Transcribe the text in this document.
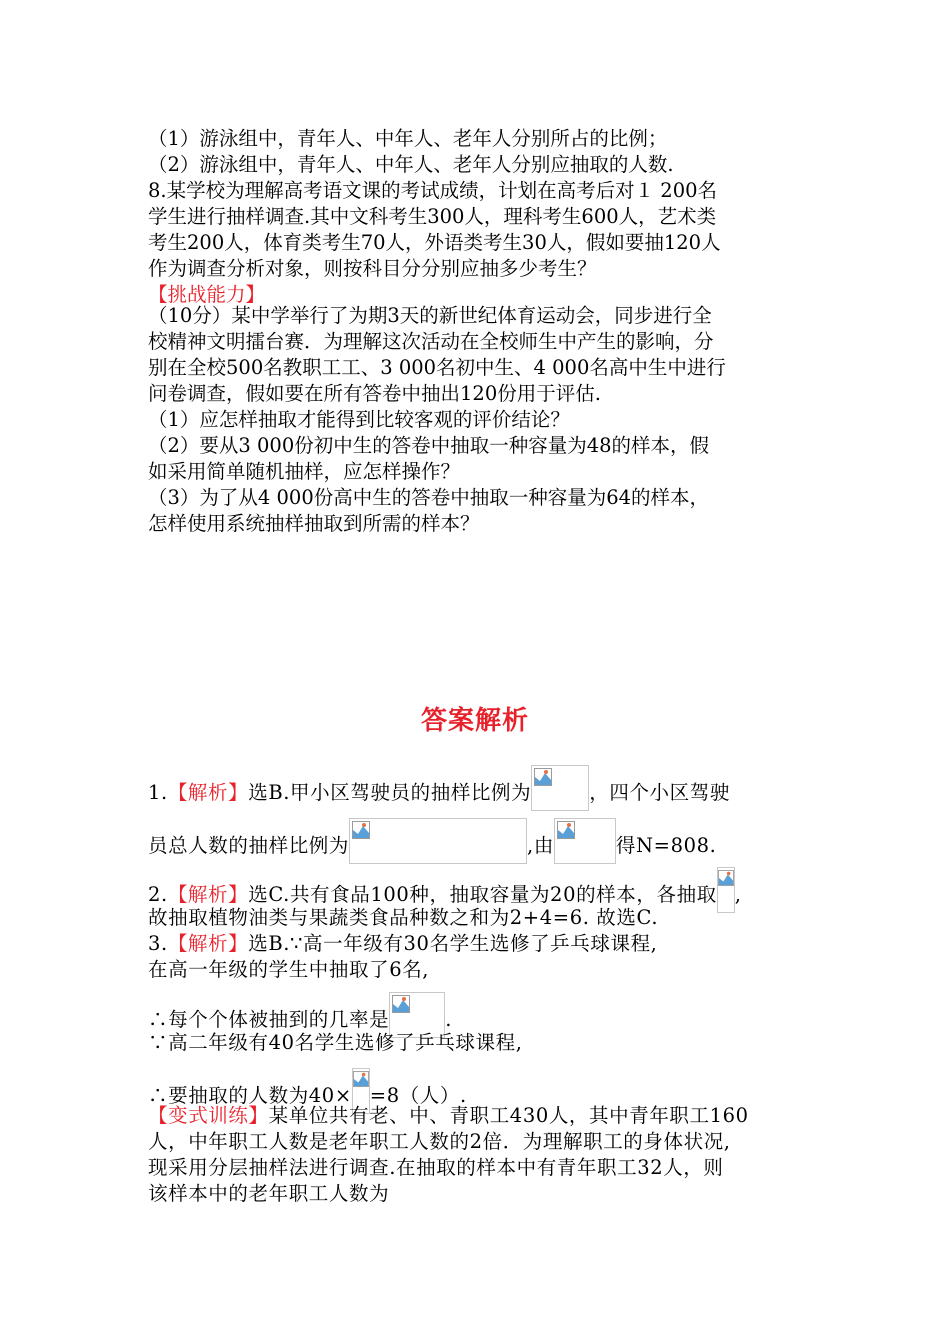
（1）游泳组中，青年人、中年人、老年人分别所占的比例；
（2）游泳组中，青年人、中年人、老年人分别应抽取的人数.
8.某学校为理解高考语文课的考试成绩，计划在高考后对１ 200名
学生进行抽样调查.其中文科考生300人，理科考生600人，艺术类
考生200人，体育类考生70人，外语类考生30人，假如要抽120人
作为调查分析对象，则按科目分分别应抽多少考生？
【挑战能力】
（10分）某中学举行了为期3天的新世纪体育运动会，同步进行全
校精神文明擂台赛．为理解这次活动在全校师生中产生的影响，分
别在全校500名教职工工、3 000名初中生、4 000名高中生中进行
问卷调查，假如要在所有答卷中抽出120份用于评估.
（1）应怎样抽取才能得到比较客观的评价结论？
（2）要从3 000份初中生的答卷中抽取一种容量为48的样本，假
如采用简单随机抽样，应怎样操作？
（3）为了从4 000份高中生的答卷中抽取一种容量为64的样本，
怎样使用系统抽样抽取到所需的样本？
答案解析
1.【解析】选B.甲小区驾驶员的抽样比例为	，四个小区驾驶
员总人数的抽样比例为	,由	得N=808.
2.【解析】选C.共有食品100种，抽取容量为20的样本，各抽取 ,
故抽取植物油类与果蔬类食品种数之和为2+4=6. 故选C.
3.【解析】选B.∵高一年级有30名学生选修了乒乓球课程,
在高一年级的学生中抽取了6名,
∴每个个体被抽到的几率是	.
∵高二年级有40名学生选修了乒乓球课程,
∴要抽取的人数为40× =8（人）.
【变式训练】某单位共有老、中、青职工430人，其中青年职工160
人，中年职工人数是老年职工人数的2倍．为理解职工的身体状况,
现采用分层抽样法进行调查.在抽取的样本中有青年职工32人，则
该样本中的老年职工人数为
